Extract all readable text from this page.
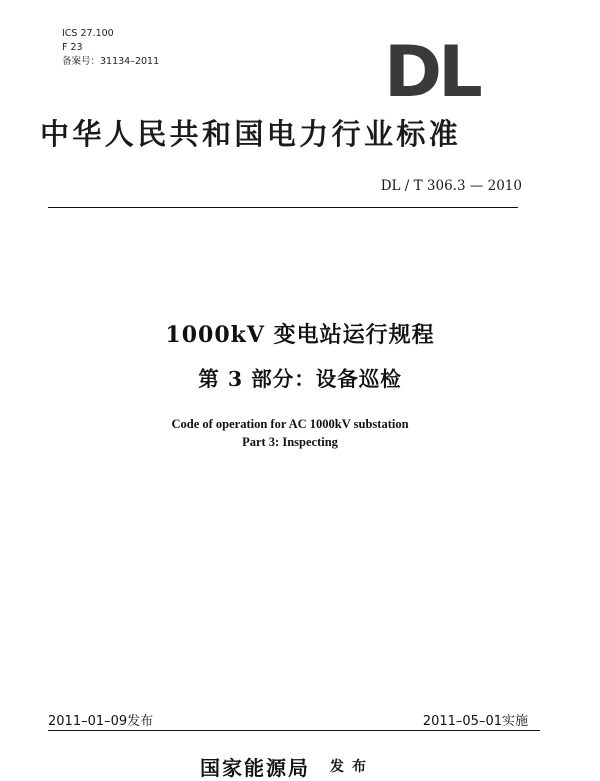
ICS 27.100
F 23
备案号：31134–2011	DL
中华人民共和国电力行业标准
DL / T 306.3 — 2010
1000kV 变电站运行规程
第 3 部分：设备巡检
Code of operation for AC 1000kV substation
Part 3: Inspecting
2011–01–09发布	2011–05–01实施
国家能源局 发布
